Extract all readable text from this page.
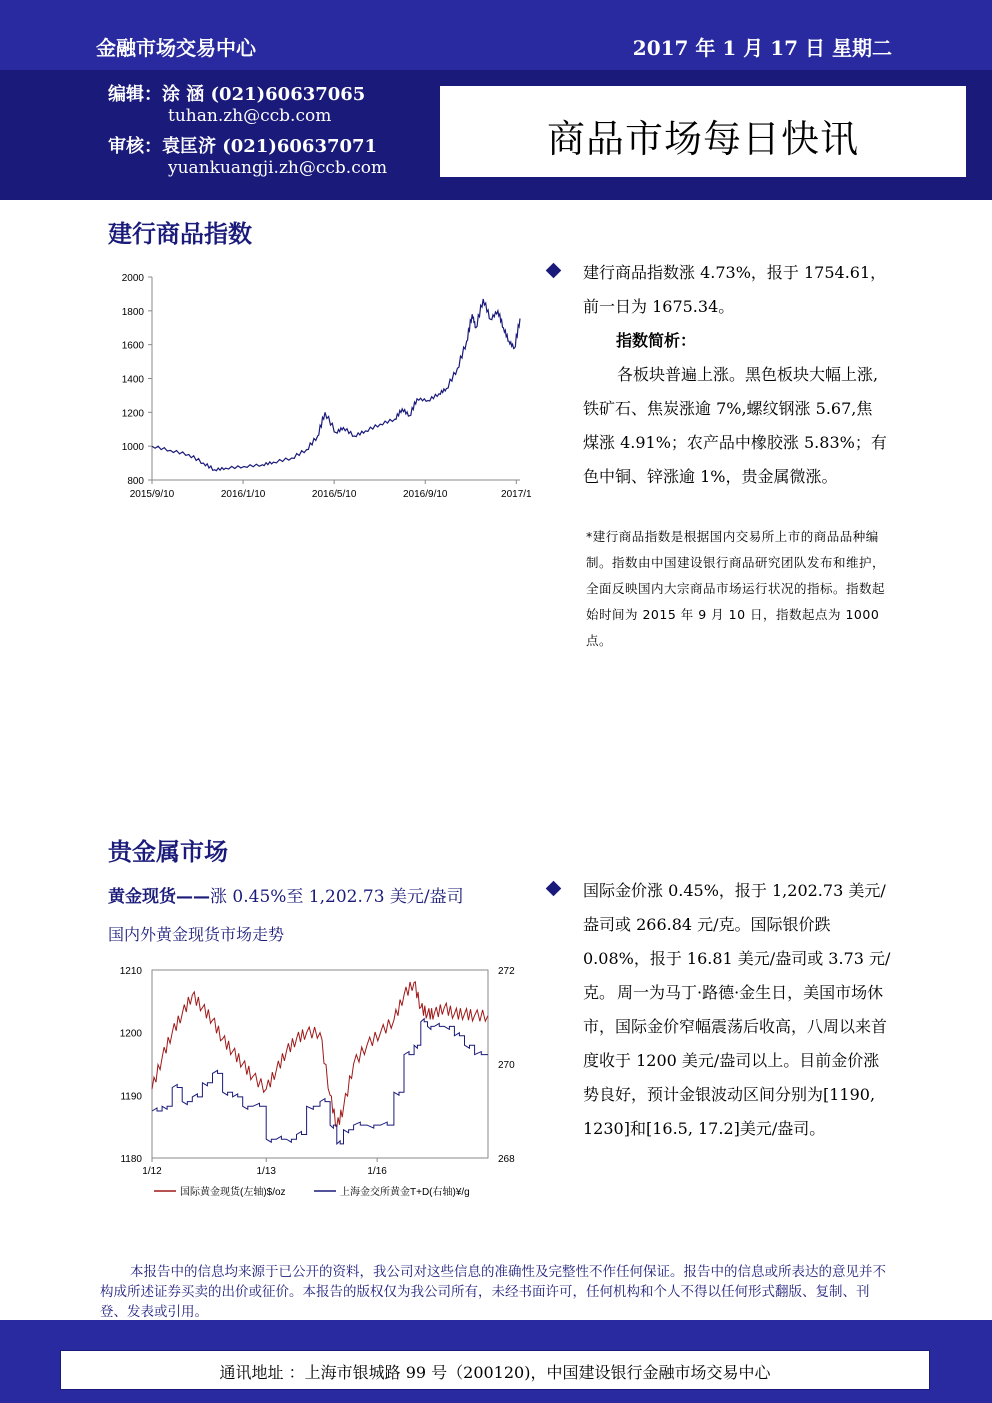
金融市场交易中心	2017 年 1 月 17 日 星期二
编辑：涂 涵 (021)60637065
tuhan.zh@ccb.com
审核：袁匡济 (021)60637071
yuankuangji.zh@ccb.com
商品市场每日快讯
建行商品指数
800
1000
1200
1400
1600
1800
2000
2015/9/10	2016/1/10	2016/5/10	2016/9/10	2017/1
建行商品指数涨 4.73%，报于 1754.61，前一日为 1675.34。
指数简析：
各板块普遍上涨。黑色板块大幅上涨,铁矿石、焦炭涨逾 7%,螺纹钢涨 5.67,焦煤涨 4.91%；农产品中橡胶涨 5.83%；有色中铜、锌涨逾 1%，贵金属微涨。
*建行商品指数是根据国内交易所上市的商品品种编制。指数由中国建设银行商品研究团队发布和维护，全面反映国内大宗商品市场运行状况的指标。指数起始时间为 2015 年 9 月 10 日，指数起点为 1000 点。
贵金属市场
黄金现货——涨 0.45%至 1,202.73 美元/盎司
国内外黄金现货市场走势
1180
1190
1200
1210
268
270
272
1/12	1/13	1/16
国际黄金现货(左轴)$/oz	上海金交所黄金T+D(右轴)¥/g
国际金价涨 0.45%，报于 1,202.73 美元/盎司或 266.84 元/克。国际银价跌 0.08%，报于 16.81 美元/盎司或 3.73 元/克。 周一为马丁·路德·金生日，美国市场休市，国际金价窄幅震荡后收高，八周以来首度收于 1200 美元/盎司以上。目前金价涨势良好，预计金银波动区间分别为[1190, 1230]和[16.5, 17.2]美元/盎司。
本报告中的信息均来源于已公开的资料，我公司对这些信息的准确性及完整性不作任何保证。报告中的信息或所表达的意见并不构成所述证券买卖的出价或征价。本报告的版权仅为我公司所有，未经书面许可，任何机构和个人不得以任何形式翻版、复制、刊登、发表或引用。
通讯地址 ：上海市银城路 99 号（200120)，中国建设银行金融市场交易中心
